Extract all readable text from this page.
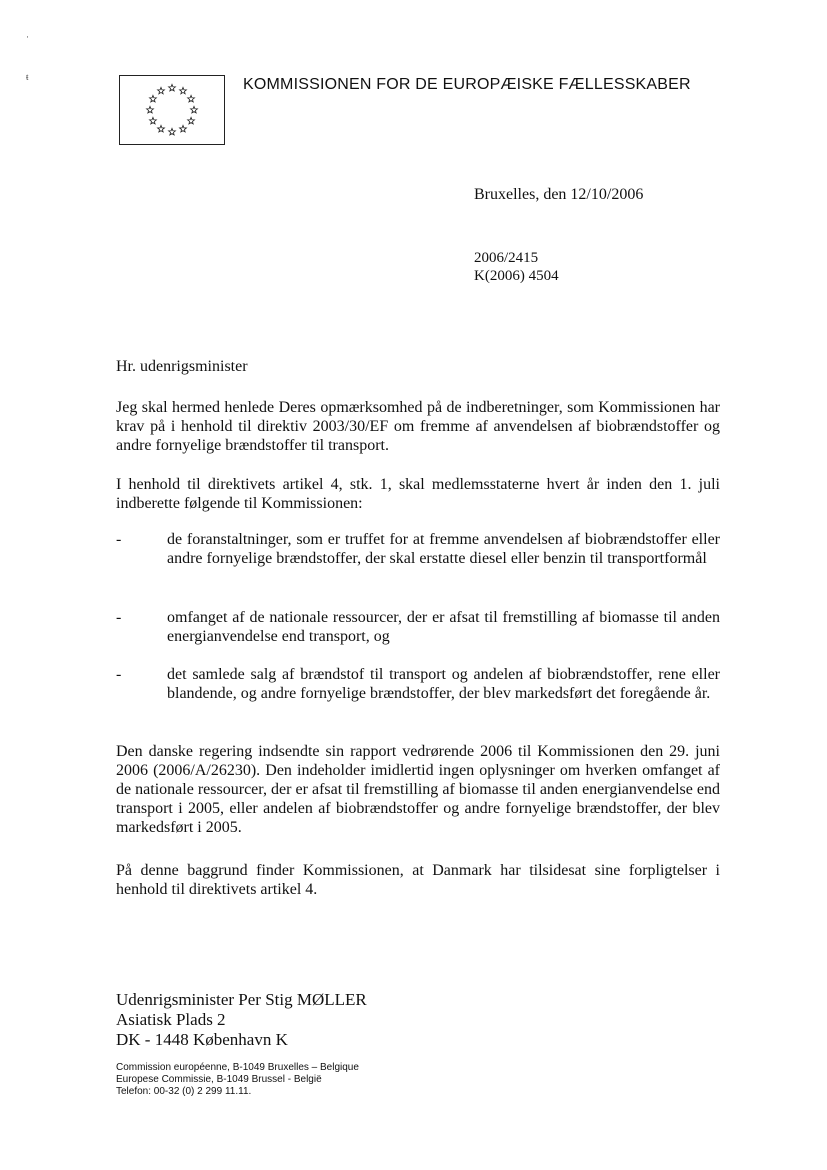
·
ŧ	KOMMISSIONEN FOR DE EUROPÆISKE FÆLLESSKABER
Bruxelles, den 12/10/2006
2006/2415
K(2006) 4504

Hr. udenrigsminister

Jeg skal hermed henlede Deres opmærksomhed på de indberetninger, som Kommissionen har krav på i henhold til direktiv 2003/30/EF om fremme af anvendelsen af biobrændstoffer og andre fornyelige brændstoffer til transport.

I henhold til direktivets artikel 4, stk. 1, skal medlemsstaterne hvert år inden den 1. juli indberette følgende til Kommissionen:

-	de foranstaltninger, som er truffet for at fremme anvendelsen af biobrændstoffer eller andre fornyelige brændstoffer, der skal erstatte diesel eller benzin til transportformål
-	omfanget af de nationale ressourcer, der er afsat til fremstilling af biomasse til anden energianvendelse end transport, og
-	det samlede salg af brændstof til transport og andelen af biobrændstoffer, rene eller blandende, og andre fornyelige brændstoffer, der blev markedsført det foregående år.

Den danske regering indsendte sin rapport vedrørende 2006 til Kommissionen den 29. juni 2006 (2006/A/26230). Den indeholder imidlertid ingen oplysninger om hverken omfanget af de nationale ressourcer, der er afsat til fremstilling af biomasse til anden energianvendelse end transport i 2005, eller andelen af biobrændstoffer og andre fornyelige brændstoffer, der blev markedsført i 2005.

På denne baggrund finder Kommissionen, at Danmark har tilsidesat sine forpligtelser i henhold til direktivets artikel 4.

Udenrigsminister Per Stig MØLLER
Asiatisk Plads 2
DK - 1448 København K
Commission européenne, B-1049 Bruxelles – Belgique
Europese Commissie, B-1049 Brussel - België
Telefon: 00-32 (0) 2 299 11.11.
